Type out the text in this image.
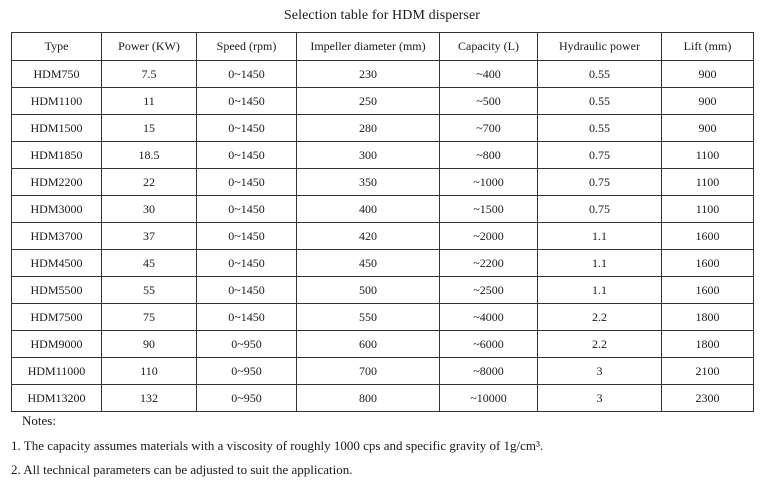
Selection table for HDM disperser
Type	Power (KW)	Speed (rpm)	Impeller diameter (mm)	Capacity (L)	Hydraulic power	Lift (mm)
HDM750	7.5	0~1450	230	~400	0.55	900
HDM1100	11	0~1450	250	~500	0.55	900
HDM1500	15	0~1450	280	~700	0.55	900
HDM1850	18.5	0~1450	300	~800	0.75	1100
HDM2200	22	0~1450	350	~1000	0.75	1100
HDM3000	30	0~1450	400	~1500	0.75	1100
HDM3700	37	0~1450	420	~2000	1.1	1600
HDM4500	45	0~1450	450	~2200	1.1	1600
HDM5500	55	0~1450	500	~2500	1.1	1600
HDM7500	75	0~1450	550	~4000	2.2	1800
HDM9000	90	0~950	600	~6000	2.2	1800
HDM11000	110	0~950	700	~8000	3	2100
HDM13200	132	0~950	800	~10000	3	2300
Notes:
1. The capacity assumes materials with a viscosity of roughly 1000 cps and specific gravity of 1g/cm³.
2. All technical parameters can be adjusted to suit the application.
